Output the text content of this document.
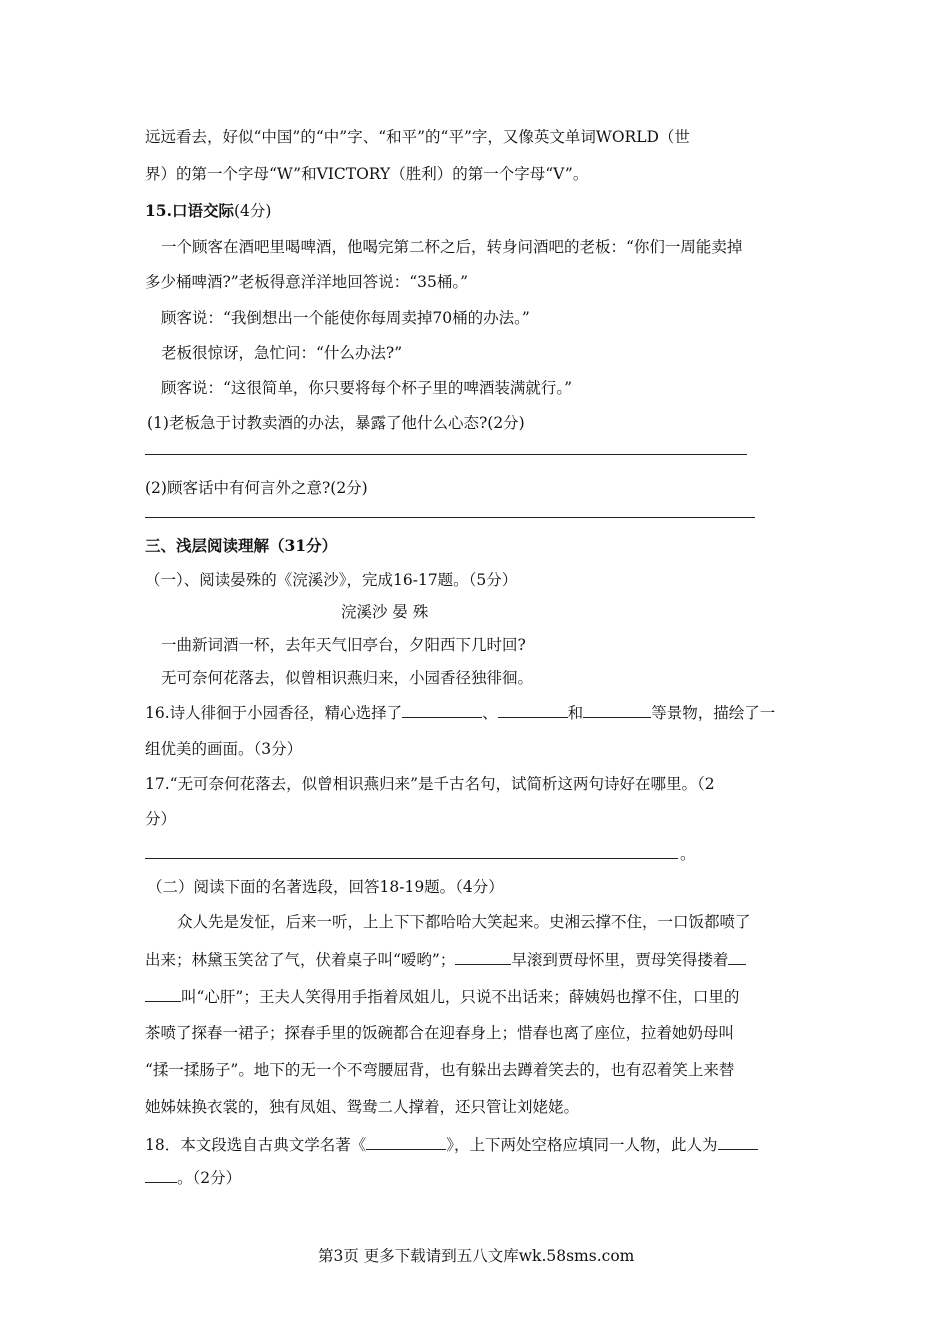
远远看去，好似“中国”的“中”字、“和平”的“平”字，又像英文单词WORLD（世
界）的第一个字母“W”和VICTORY（胜利）的第一个字母“V”。
15.口语交际(4分)
一个顾客在酒吧里喝啤酒，他喝完第二杯之后，转身问酒吧的老板：“你们一周能卖掉
多少桶啤酒?”老板得意洋洋地回答说：“35桶。”
顾客说：“我倒想出一个能使你每周卖掉70桶的办法。”
老板很惊讶，急忙问：“什么办法?”
顾客说：“这很简单，你只要将每个杯子里的啤酒装满就行。”
(1)老板急于讨教卖酒的办法，暴露了他什么心态?(2分)
(2)顾客话中有何言外之意?(2分)
三、浅层阅读理解（31分）
（一）、阅读晏殊的《浣溪沙》，完成16-17题。（5分）
浣溪沙 晏 殊
一曲新词酒一杯，去年天气旧亭台，夕阳西下几时回?
无可奈何花落去，似曾相识燕归来，小园香径独徘徊。
16.诗人徘徊于小园香径，精心选择了	、	和	等景物，描绘了一
组优美的画面。（3分）
17.“无可奈何花落去，似曾相识燕归来”是千古名句，试简析这两句诗好在哪里。（2
分）
。
（二）阅读下面的名著选段，回答18-19题。（4分）
众人先是发怔，后来一听，上上下下都哈哈大笑起来。史湘云撑不住，一口饭都喷了
出来；林黛玉笑岔了气，伏着桌子叫“嗳哟”；	早滚到贾母怀里，贾母笑得搂着
叫“心肝”；王夫人笑得用手指着凤姐儿，只说不出话来；薛姨妈也撑不住，口里的
茶喷了探春一裙子；探春手里的饭碗都合在迎春身上；惜春也离了座位，拉着她奶母叫
“揉一揉肠子”。地下的无一个不弯腰屈背，也有躲出去蹲着笑去的，也有忍着笑上来替
她姊妹换衣裳的，独有凤姐、鸳鸯二人撑着，还只管让刘姥姥。
18．本文段选自古典文学名著《	》，上下两处空格应填同一人物，此人为
。（2分）
第3页 更多下载请到五八文库wk.58sms.com
